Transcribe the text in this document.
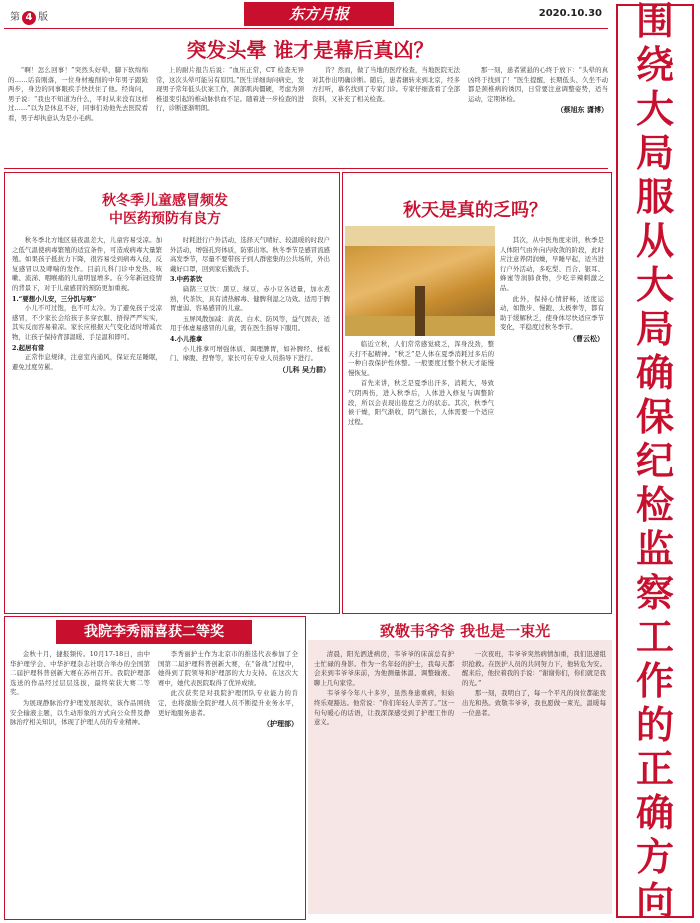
第 4 版	东方月报	2020.10.30 围
绕
大
局
服
从
大
局
确
保
纪
检
监
察
工
作
的
正
确
方
向
突发头晕 谁才是幕后真凶？

“啊！怎么回事！”突然头好晕，脚下软绵绵的……话音刚落，一位身材瘦削的中年男子踉跄两步，身边的同事眼疾手快扶住了他。经询问，男子说：“我也不知道为什么，平时从来没有这样过……”以为是休息不好，同事们劝他先去医院看看，男子却执意认为是小毛病。

上的耐片报告后说：“血压正常，CT 检查无异常，这次头晕可能另有原因。”医生详细询问病史，发现男子常年低头伏案工作，颈部肌肉僵硬，考虑为颈椎退变引起的椎动脉供血不足。随着进一步检查的进行，诊断逐渐明朗。

肯？然而，做了当地的医疗检查，当地医院无法对其作出明确诊断。随后，患者辗转来到北京，经多方打听，慕名找到了专家门诊。专家仔细查看了全部资料，又补充了相关检查。

那一刻，患者紧悬的心终于放下：“头晕的真凶终于找到了！”医生提醒，长期低头、久坐不动都是颈椎病的诱因，日常要注意调整姿势，适当运动，定期体检。

（蔡旭东 潇博）
秋冬季儿童感冒频发
中医药预防有良方

秋冬季北方地区昼夜温差大，儿童容易受凉。加之低气温使病毒繁殖的适宜条件，可造成病毒大量繁殖。如果孩子抵抗力下降，很容易受到病毒入侵，反复感冒以及哮喘的发作。目前儿科门诊中发热、咳嗽、流涕、咽喉痛的儿童明显增多。在今年新冠疫情的背景下，对于儿童感冒的预防更加重视。

1.“要想小儿安，三分饥与寒”

小儿不可过饱，也不可太冷。为了避免孩子受凉感冒，不少家长会给孩子多穿衣服、捂得严严实实，其实反而容易着凉。家长应根据天气变化适时增减衣物，让孩子保持背部温暖、手足温和即可。

2.起居有常

正常作息规律，注意室内通风，保证充足睡眠，避免过度劳累。

时耗进行户外活动，选择天气晴好、较温暖的时段户外活动，增强孔窍体质，防邪出寒。秋冬季节是感冒流感高发季节，尽量不要带孩子到人群密集的公共场所，外出戴好口罩，回到家后勤洗手。

3.中药茶饮

扁鹊三豆饮：黑豆、绿豆、赤小豆各适量，加水煮熟，代茶饮，具有清热解毒、健脾利湿之功效。适用于脾胃虚弱、容易感冒的儿童。

玉屏风散加减：黄芪、白术、防风等，益气固表，适用于体虚易感冒的儿童，需在医生指导下服用。

4.小儿推拿

小儿推拿可增强体质、调理脾胃，如补脾经、揉板门、摩腹、捏脊等，家长可在专业人员指导下进行。

（儿科 吴力群）
秋天是真的乏吗？

其次，从中医角度来讲，秋季是人体阳气由外向内收敛的阶段，此时应注意养阴润燥，早睡早起，适当进行户外活动，多吃梨、百合、银耳、蜂蜜等润肺食物，少吃辛辣刺激之品。

此外，保持心情舒畅，适度运动，如散步、慢跑、太极拳等，都有助于缓解秋乏，使身体尽快适应季节变化，平稳度过秋冬季节。

（曹云松）

临近立秋，人们常常感觉疲乏，浑身没劲，整天打不起精神。“秋乏”是人体在夏季消耗过多后的一种自我保护性休整。一般要度过整个秋天才能慢慢恢复。

首先来讲，秋乏是夏季出汗多，消耗大，导致气阴两伤，进入秋季后，人体进入修复与调整阶段，所以会表现出倦怠乏力的状态。其次，秋季气候干燥，阳气渐收，阴气渐长，人体需要一个适应过程。

我院李秀丽喜获二等奖

金秋十月，捷报频传。10月17-18日，由中华护理学会、中华护理杂志社联合举办的全国第二届护理科普创新大赛在苏州召开。我院护理部选送的作品经过层层选拔，最终荣获大赛二等奖。

为展现静脉治疗护理发展现状，该作品围绕安全输液主题，以生动形象的方式向公众普及静脉治疗相关知识，体现了护理人员的专业精神。

李秀丽护士作为北京市的推选代表参加了全国第二届护理科普创新大赛，在“备战”过程中，她得到了院领导和护理部的大力支持。在这次大赛中，她代表医院取得了优异成绩。

此次获奖是对我院护理团队专业能力的肯定，也将激励全院护理人员不断提升业务水平，更好地服务患者。

（护理部）
致敬韦爷爷 我也是一束光

清晨，阳光洒进病房，韦爷爷的床前总有护士忙碌的身影。作为一名年轻的护士，我每天都会来到韦爷爷床前，为他测量体温、调整输液、聊上几句家常。

韦爷爷今年八十多岁，虽然身患重病，但始终乐观豁达。他常说：“你们年轻人辛苦了。”这一句句暖心的话语，让我深深感受到了护理工作的意义。

一次夜班，韦爷爷突然病情加重，我们迅速组织抢救。在医护人员的共同努力下，他转危为安。醒来后，他拉着我的手说：“谢谢你们，你们就是我的光。”

那一刻，我明白了，每一个平凡的岗位都能发出光和热。致敬韦爷爷，我也愿做一束光，温暖每一位患者。
